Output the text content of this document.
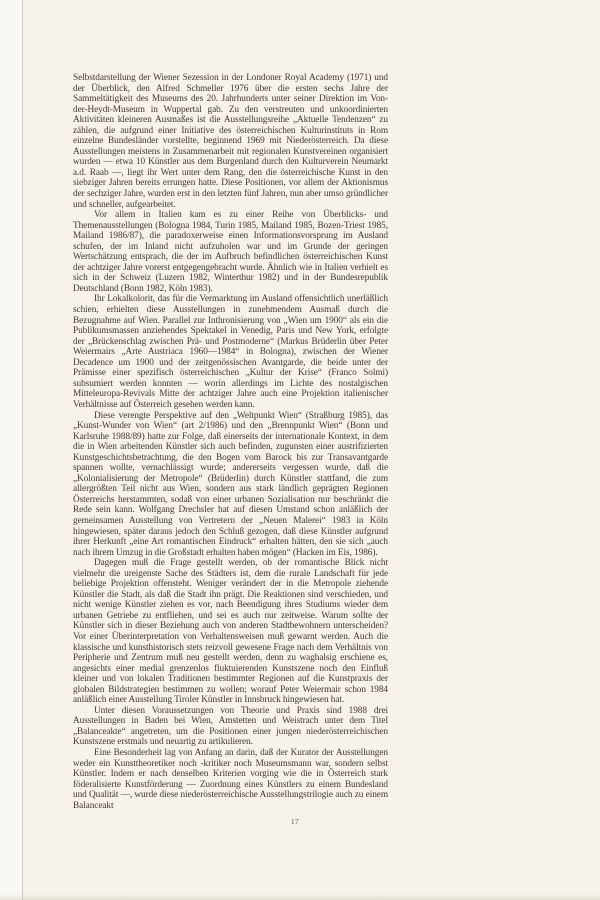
Selbstdarstellung der Wiener Sezession in der Londoner Royal Academy (1971) und der Überblick, den Alfred Schmeller 1976 über die ersten sechs Jahre der Sammeltätigkeit des Museums des 20. Jahrhunderts unter seiner Direktion im Von-der-Heydt-Museum in Wuppertal gab. Zu den verstreuten und unkoordinierten Aktivitäten kleineren Ausmaßes ist die Ausstellungsreihe „Aktuelle Tendenzen“ zu zählen, die aufgrund einer Initiative des österreichischen Kulturinstituts in Rom einzelne Bundesländer vorstellte, beginnend 1969 mit Niederösterreich. Da diese Ausstellungen meistens in Zusammenarbeit mit regionalen Kunstvereinen organisiert wurden — etwa 10 Künstler aus dem Burgenland durch den Kulturverein Neumarkt a.d. Raab —, liegt ihr Wert unter dem Rang, den die österreichische Kunst in den siebziger Jahren bereits errungen hatte. Diese Positionen, vor allem der Aktionismus der sechziger Jahre, wurden erst in den letzten fünf Jahren, nun aber umso gründlicher und schneller, aufgearbeitet.

Vor allem in Italien kam es zu einer Reihe von Überblicks- und Themenausstellungen (Bologna 1984, Turin 1985, Mailand 1985, Bozen-Triest 1985, Mailand 1986/87), die paradoxerweise einen Informationsvorsprung im Ausland schufen, der im Inland nicht aufzuholen war und im Grunde der geringen Wertschätzung entsprach, die der im Aufbruch befindlichen österreichischen Kunst der achtziger Jahre vorerst entgegengebracht wurde. Ähnlich wie in Italien verhielt es sich in der Schweiz (Luzern 1982, Winterthur 1982) und in der Bundesrepublik Deutschland (Bonn 1982, Köln 1983).

Ihr Lokalkolorit, das für die Vermarktung im Ausland offensichtlich unerläßlich schien, erhielten diese Ausstellungen in zunehmendem Ausmaß durch die Bezugnahme auf Wien. Parallel zur Inthronisierung von „Wien um 1900“ als ein die Publikumsmassen anziehendes Spektakel in Venedig, Paris und New York, erfolgte der „Brückenschlag zwischen Prä- und Postmoderne“ (Markus Brüderlin über Peter Weiermairs „Arte Austriaca 1960—1984“ in Bologna), zwischen der Wiener Decadence um 1900 und der zeitgenössischen Avantgarde, die beide unter der Prämisse einer spezifisch österreichischen „Kultur der Krise“ (Franco Solmi) subsumiert werden konnten — worin allerdings im Lichte des nostalgischen Mitteleuropa-Revivals Mitte der achtziger Jahre auch eine Projektion italienischer Verhältnisse auf Österreich gesehen werden kann.

Diese verengte Perspektive auf den „Weltpunkt Wien“ (Straßburg 1985), das „Kunst-Wunder von Wien“ (art 2/1986) und den „Brennpunkt Wien“ (Bonn und Karlsruhe 1988/89) hatte zur Folge, daß einerseits der internationale Kontext, in dem die in Wien arbeitenden Künstler sich auch befinden, zugunsten einer austrifizierten Kunstgeschichtsbetrachtung, die den Bogen vom Barock bis zur Transavantgarde spannen wollte, vernachlässigt wurde; andererseits vergessen wurde, daß die „Kolonialisierung der Metropole“ (Brüderlin) durch Künstler stattfand, die zum allergrößten Teil nicht aus Wien, sondern aus stark ländlich geprägten Regionen Österreichs herstammten, sodaß von einer urbanen Sozialisation nur beschränkt die Rede sein kann. Wolfgang Drechsler hat auf diesen Umstand schon anläßlich der gemeinsamen Ausstellung von Vertretern der „Neuen Malerei“ 1983 in Köln hingewiesen, später daraus jedoch den Schluß gezogen, daß diese Künstler aufgrund ihrer Herkunft „eine Art romantischen Eindruck“ erhalten hätten, den sie sich „auch nach ihrem Umzug in die Großstadt erhalten haben mögen“ (Hacken im Eis, 1986).

Dagegen muß die Frage gestellt werden, ob der romantische Blick nicht vielmehr die ureigenste Sache des Städters ist, dem die rurale Landschaft für jede beliebige Projektion offensteht. Weniger verändert der in die Metropole ziehende Künstler die Stadt, als daß die Stadt ihn prägt. Die Reaktionen sind verschieden, und nicht wenige Künstler ziehen es vor, nach Beendigung ihres Studiums wieder dem urbanen Getriebe zu entfliehen, und sei es auch nur zeitweise. Warum sollte der Künstler sich in dieser Beziehung auch von anderen Stadtbewohnern unterscheiden? Vor einer Überinterpretation von Verhaltensweisen muß gewarnt werden. Auch die klassische und kunsthistorisch stets reizvoll gewesene Frage nach dem Verhältnis von Peripherie und Zentrum muß neu gestellt werden, denn zu waghalsig erschiene es, angesichts einer medial grenzenlos fluktuierenden Kunstszene noch den Einfluß kleiner und von lokalen Traditionen bestimmter Regionen auf die Kunstpraxis der globalen Bildstrategien bestimmen zu wollen; worauf Peter Weiermair schon 1984 anläßlich einer Ausstellung Tiroler Künstler in Innsbruck hingewiesen hat.

Unter diesen Voraussetzungen von Theorie und Praxis sind 1988 drei Ausstellungen in Baden bei Wien, Amstetten und Weistrach unter dem Titel „Balanceakte“ angetreten, um die Positionen einer jungen niederösterreichischen Kunstszene erstmals und neuartig zu artikulieren.

Eine Besonderheit lag von Anfang an darin, daß der Kurator der Ausstellungen weder ein Kunsttheoretiker noch -kritiker noch Museumsmann war, sondern selbst Künstler. Indem er nach denselben Kriterien vorging wie die in Österreich stark föderalisierte Kunstförderung — Zuordnung eines Künstlers zu einem Bundesland und Qualität —, wurde diese niederösterreichische Ausstellungstrilogie auch zu einem Balanceakt

17
